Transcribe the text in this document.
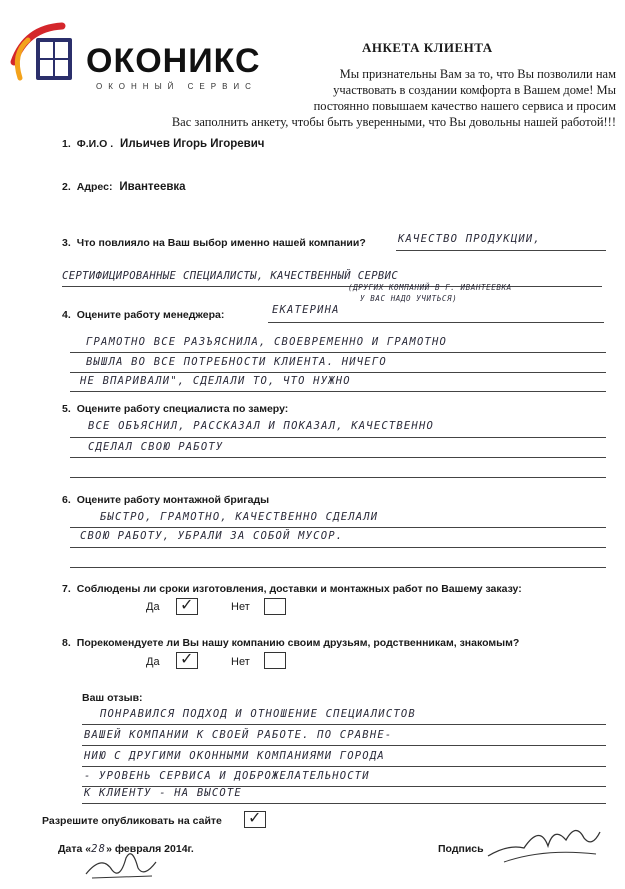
ОКОНИКС
ОКОННЫЙ СЕРВИС
АНКЕТА КЛИЕНТА
Мы признательны Вам за то, что Вы позволили нам
участвовать в создании комфорта в Вашем доме! Мы
постоянно повышаем качество нашего сервиса и просим
Вас заполнить анкету, чтобы быть уверенными, что Вы довольны нашей работой!!!
1. Ф.И.О . Ильичев Игорь Игоревич
2. Адрес: Ивантеевка
3. Что повлияло на Ваш выбор именно нашей компании?	КАЧЕСТВО ПРОДУКЦИИ,
СЕРТИФИЦИРОВАННЫЕ СПЕЦИАЛИСТЫ, КАЧЕСТВЕННЫЙ СЕРВИС
(ДРУГИХ КОМПАНИЙ В Г. ИВАНТЕЕВКА
У ВАС НАДО УЧИТЬСЯ)
4. Оцените работу менеджера:	ЕКАТЕРИНА
ГРАМОТНО ВСЕ РАЗЪЯСНИЛА, СВОЕВРЕМЕННО И ГРАМОТНО
ВЫШЛА ВО ВСЕ ПОТРЕБНОСТИ КЛИЕНТА. НИЧЕГО
НЕ ВПАРИВАЛИ", СДЕЛАЛИ ТО, ЧТО НУЖНО
5. Оцените работу специалиста по замеру:
ВСЕ ОБЪЯСНИЛ, РАССКАЗАЛ И ПОКАЗАЛ, КАЧЕСТВЕННО
СДЕЛАЛ СВОЮ РАБОТУ
6. Оцените работу монтажной бригады
БЫСТРО, ГРАМОТНО, КАЧЕСТВЕННО СДЕЛАЛИ
СВОЮ РАБОТУ, УБРАЛИ ЗА СОБОЙ МУСОР.
7. Соблюдены ли сроки изготовления, доставки и монтажных работ по Вашему заказу:
Да ✓	Нет
8. Порекомендуете ли Вы нашу компанию своим друзьям, родственникам, знакомым?
Да ✓	Нет
Ваш отзыв:
ПОНРАВИЛСЯ ПОДХОД И ОТНОШЕНИЕ СПЕЦИАЛИСТОВ
ВАШЕЙ КОМПАНИИ К СВОЕЙ РАБОТЕ. ПО СРАВНЕ-
НИЮ С ДРУГИМИ ОКОННЫМИ КОМПАНИЯМИ ГОРОДА
- УРОВЕНЬ СЕРВИСА И ДОБРОЖЕЛАТЕЛЬНОСТИ
К КЛИЕНТУ - НА ВЫСОТЕ
Разрешите опубликовать на сайте ✓
Дата «28» февраля 2014г.	Подпись
